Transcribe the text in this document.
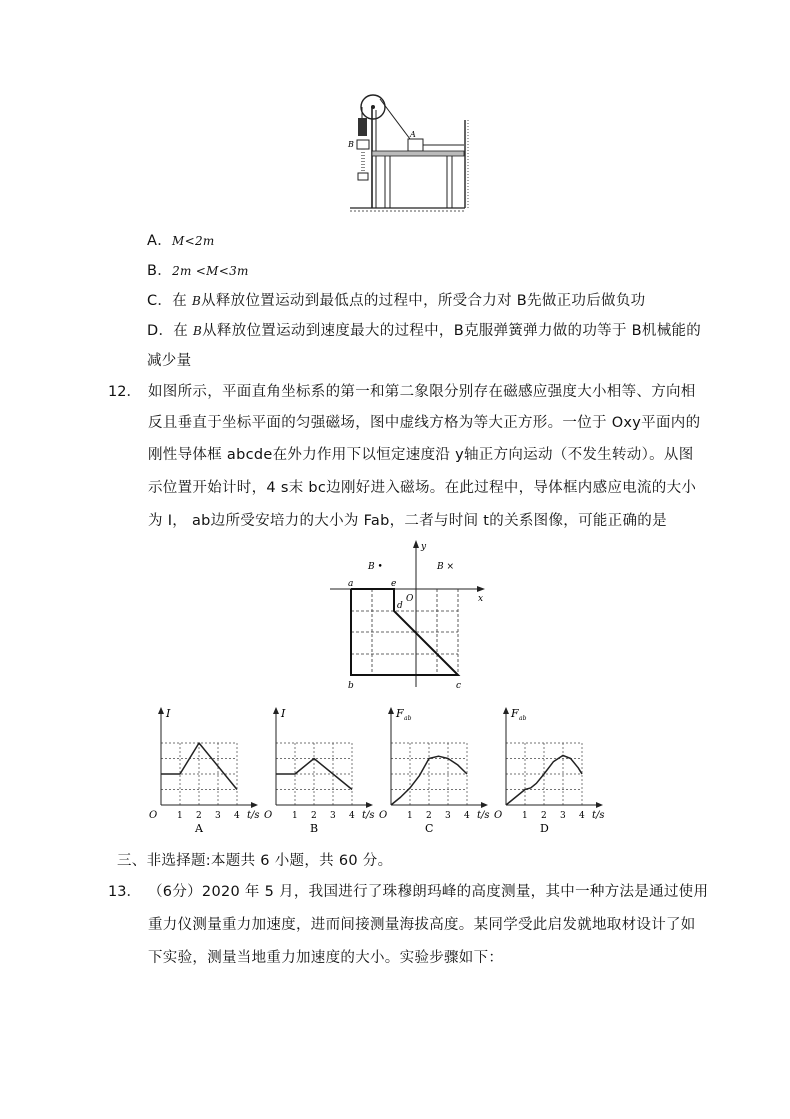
B
A
A．M<2m
B．2m <M<3m
C．在 B从释放位置运动到最低点的过程中，所受合力对 B先做正功后做负功
D．在 B从释放位置运动到速度最大的过程中，B克服弹簧弹力做的功等于 B机械能的
减少量
12． 如图所示，平面直角坐标系的第一和第二象限分别存在磁感应强度大小相等、方向相
反且垂直于坐标平面的匀强磁场，图中虚线方格为等大正方形。一位于 Oxy平面内的
刚性导体框 abcde在外力作用下以恒定速度沿 y轴正方向运动（不发生转动）。从图
示位置开始计时，4 s末 bc边刚好进入磁场。在此过程中，导体框内感应电流的大小
为 I， ab边所受安培力的大小为 Fab，二者与时间 t的关系图像，可能正确的是
B •	B ×
a	e
O
d
b	c
x
y
I
O 1 2 3 4 t/s
A
I
O 1 2 3 4 t/s
B
F ab
O 1 2 3 4 t/s
C
F ab
O 1 2 3 4 t/s
D
三、非选择题:本题共 6 小题，共 60 分。
13． （6分）2020 年 5 月，我国进行了珠穆朗玛峰的高度测量，其中一种方法是通过使用
重力仪测量重力加速度，进而间接测量海拔高度。某同学受此启发就地取材设计了如
下实验，测量当地重力加速度的大小。实验步骤如下：
